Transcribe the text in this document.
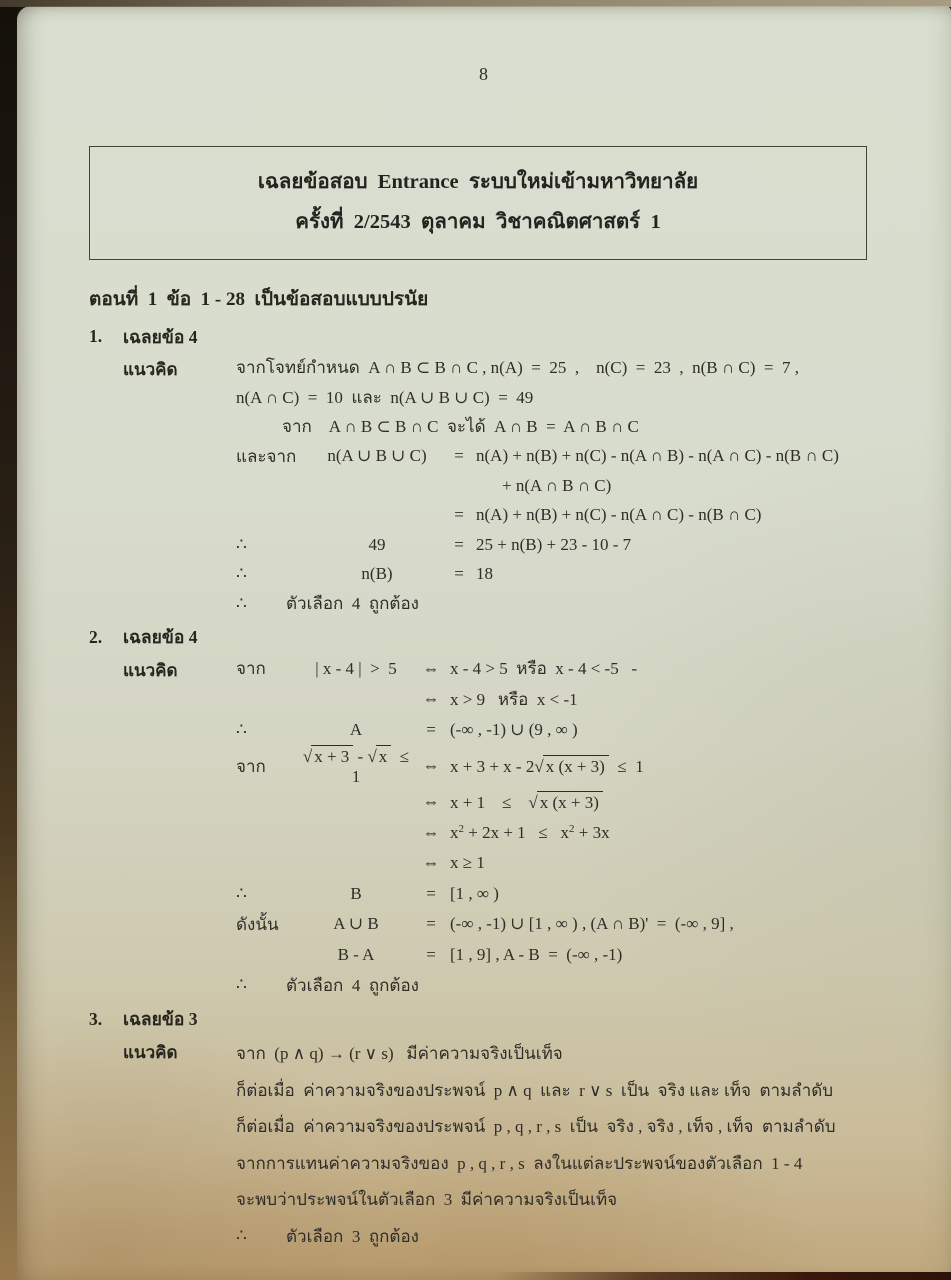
8
เฉลยข้อสอบ  Entrance  ระบบใหม่เข้ามหาวิทยาลัย
ครั้งที่  2/2543  ตุลาคม  วิชาคณิตศาสตร์  1
ตอนที่  1  ข้อ  1 - 28  เป็นข้อสอบแบบปรนัย
1.	เฉลยข้อ 4
แนวคิด	จากโจทย์กำหนด  A ∩ B ⊂ B ∩ C , n(A)  =  25  ,    n(C)  =  23  ,  n(B ∩ C)  =  7 ,
n(A ∩ C)  =  10  และ  n(A ∪ B ∪ C)  =  49
จาก    A ∩ B ⊂ B ∩ C  จะได้  A ∩ B  =  A ∩ B ∩ C
และจาก	n(A ∪ B ∪ C)	= n(A) + n(B) + n(C) - n(A ∩ B) - n(A ∩ C) - n(B ∩ C)
+ n(A ∩ B ∩ C)
= n(A) + n(B) + n(C) - n(A ∩ C) - n(B ∩ C)
∴	49	= 25 + n(B) + 23 - 10 - 7
∴	n(B)	= 18
∴	ตัวเลือก  4  ถูกต้อง
2.	เฉลยข้อ 4
แนวคิด	จาก	| x - 4 |  >  5	⇔ x - 4 > 5  หรือ  x - 4 < -5   -
⇔ x > 9   หรือ  x < -1
∴	A	= (-∞ , -1) ∪ (9 , ∞ )
จาก	√ x + 3 - √ x  ≤  1
⇔ x + 3 + x - 2√ x (x + 3)  ≤  1
⇔ x + 1    ≤    √ x (x + 3)
⇔ $x^2 + 2x + 1 \le x^2 + 3x$
⇔ x ≥ 1
∴	B	= [1 , ∞ )
ดังนั้น	A ∪ B	= (-∞ , -1) ∪ [1 , ∞ ) , (A ∩ B)'  =  (-∞ , 9] ,
B - A	= [1 , 9] , A - B  =  (-∞ , -1)
∴	ตัวเลือก  4  ถูกต้อง
3.	เฉลยข้อ 3
แนวคิด	จาก  (p ∧ q) → (r ∨ s)   มีค่าความจริงเป็นเท็จ
ก็ต่อเมื่อ  ค่าความจริงของประพจน์  p ∧ q  และ  r ∨ s  เป็น  จริง และ เท็จ  ตามลำดับ
ก็ต่อเมื่อ  ค่าความจริงของประพจน์  p , q , r , s  เป็น  จริง , จริง , เท็จ , เท็จ  ตามลำดับ
จากการแทนค่าความจริงของ  p , q , r , s  ลงในแต่ละประพจน์ของตัวเลือก  1 - 4
จะพบว่าประพจน์ในตัวเลือก  3  มีค่าความจริงเป็นเท็จ
∴	ตัวเลือก  3  ถูกต้อง
